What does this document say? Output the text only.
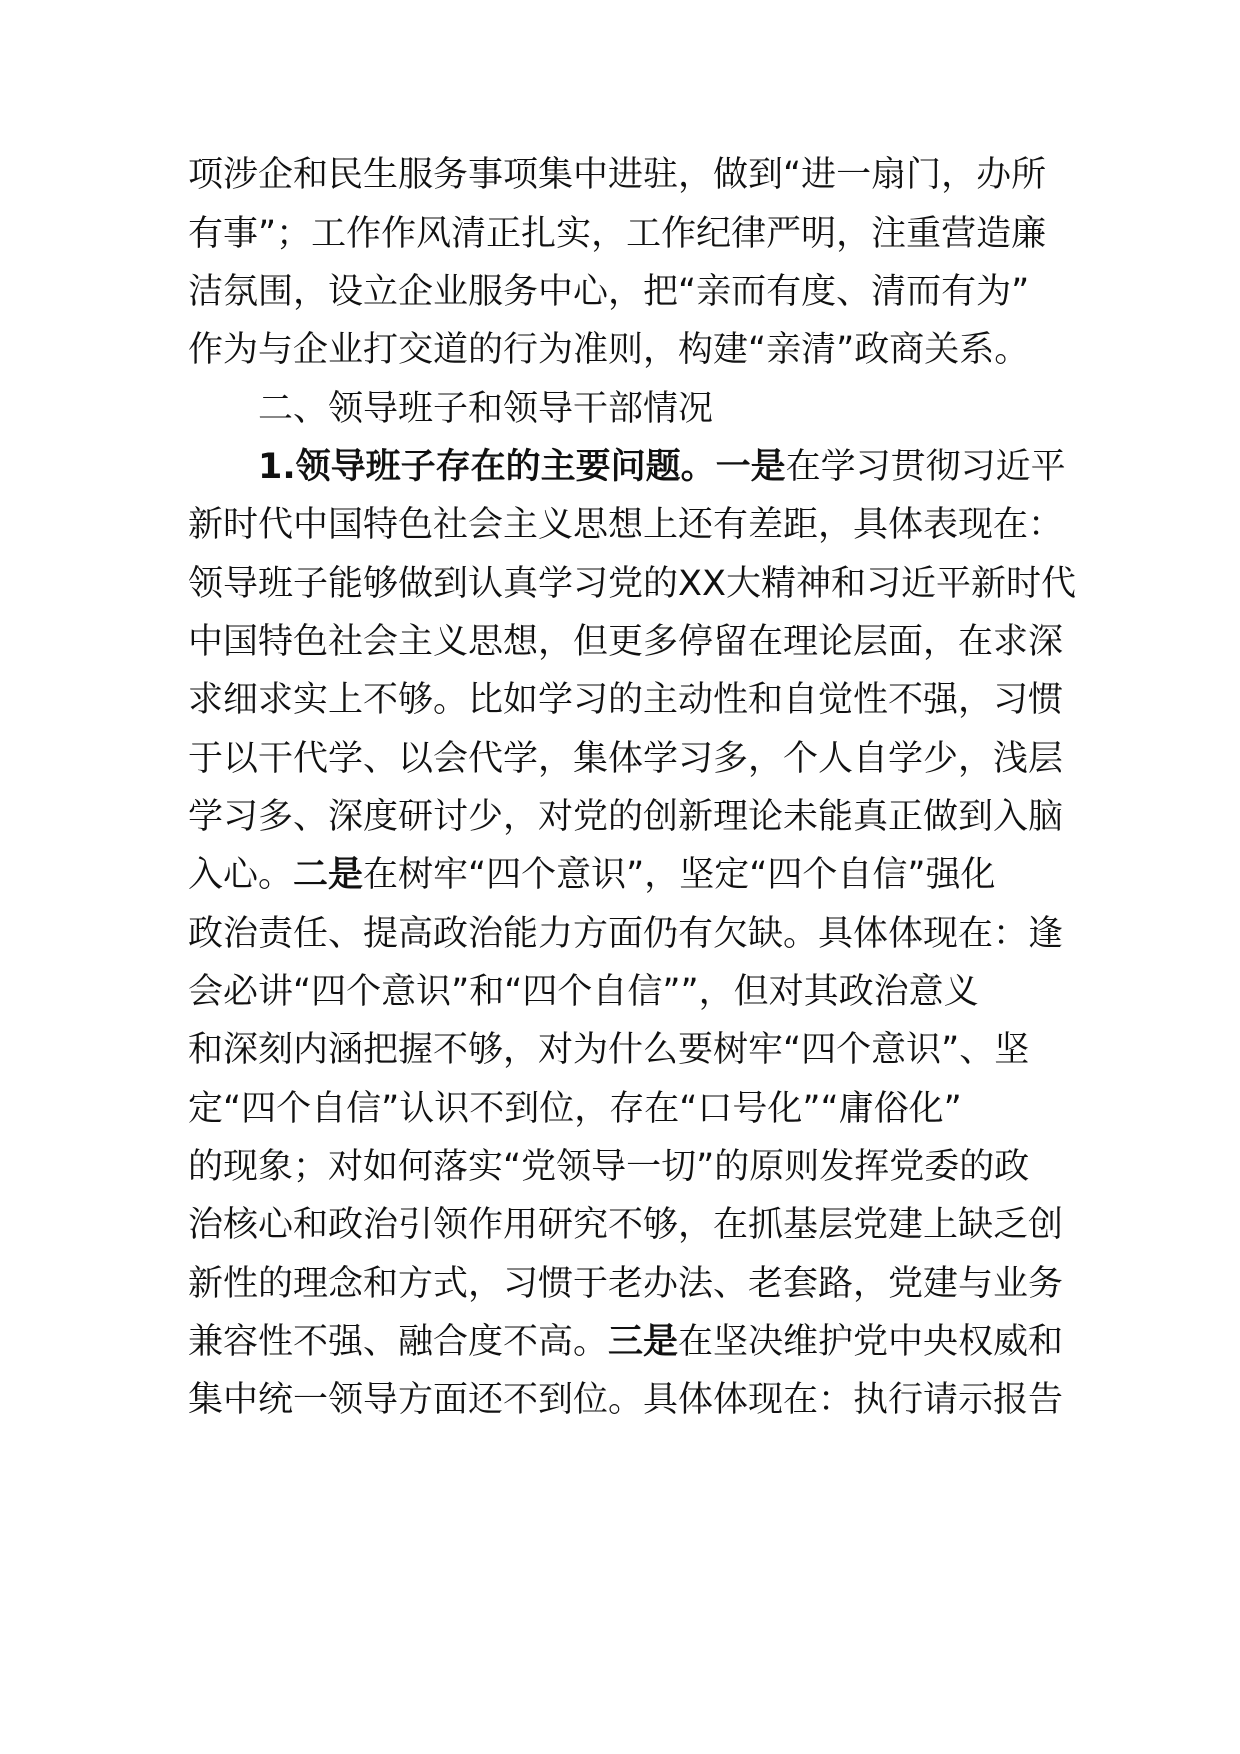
项涉企和民生服务事项集中进驻，做到“进一扇门，办所
有事”；工作作风清正扎实，工作纪律严明，注重营造廉
洁氛围，设立企业服务中心，把“亲而有度、清而有为”
作为与企业打交道的行为准则，构建“亲清”政商关系。
二、领导班子和领导干部情况
1.领导班子存在的主要问题。一是在学习贯彻习近平
新时代中国特色社会主义思想上还有差距，具体表现在：
领导班子能够做到认真学习党的XX大精神和习近平新时代
中国特色社会主义思想，但更多停留在理论层面，在求深
求细求实上不够。比如学习的主动性和自觉性不强，习惯
于以干代学、以会代学，集体学习多，个人自学少，浅层
学习多、深度研讨少，对党的创新理论未能真正做到入脑
入心。二是在树牢“四个意识”，坚定“四个自信”强化
政治责任、提高政治能力方面仍有欠缺。具体体现在：逢
会必讲“四个意识”和“四个自信””，但对其政治意义
和深刻内涵把握不够，对为什么要树牢“四个意识”、坚
定“四个自信”认识不到位，存在“口号化”“庸俗化”
的现象；对如何落实“党领导一切”的原则发挥党委的政
治核心和政治引领作用研究不够，在抓基层党建上缺乏创
新性的理念和方式，习惯于老办法、老套路，党建与业务
兼容性不强、融合度不高。三是在坚决维护党中央权威和
集中统一领导方面还不到位。具体体现在：执行请示报告
